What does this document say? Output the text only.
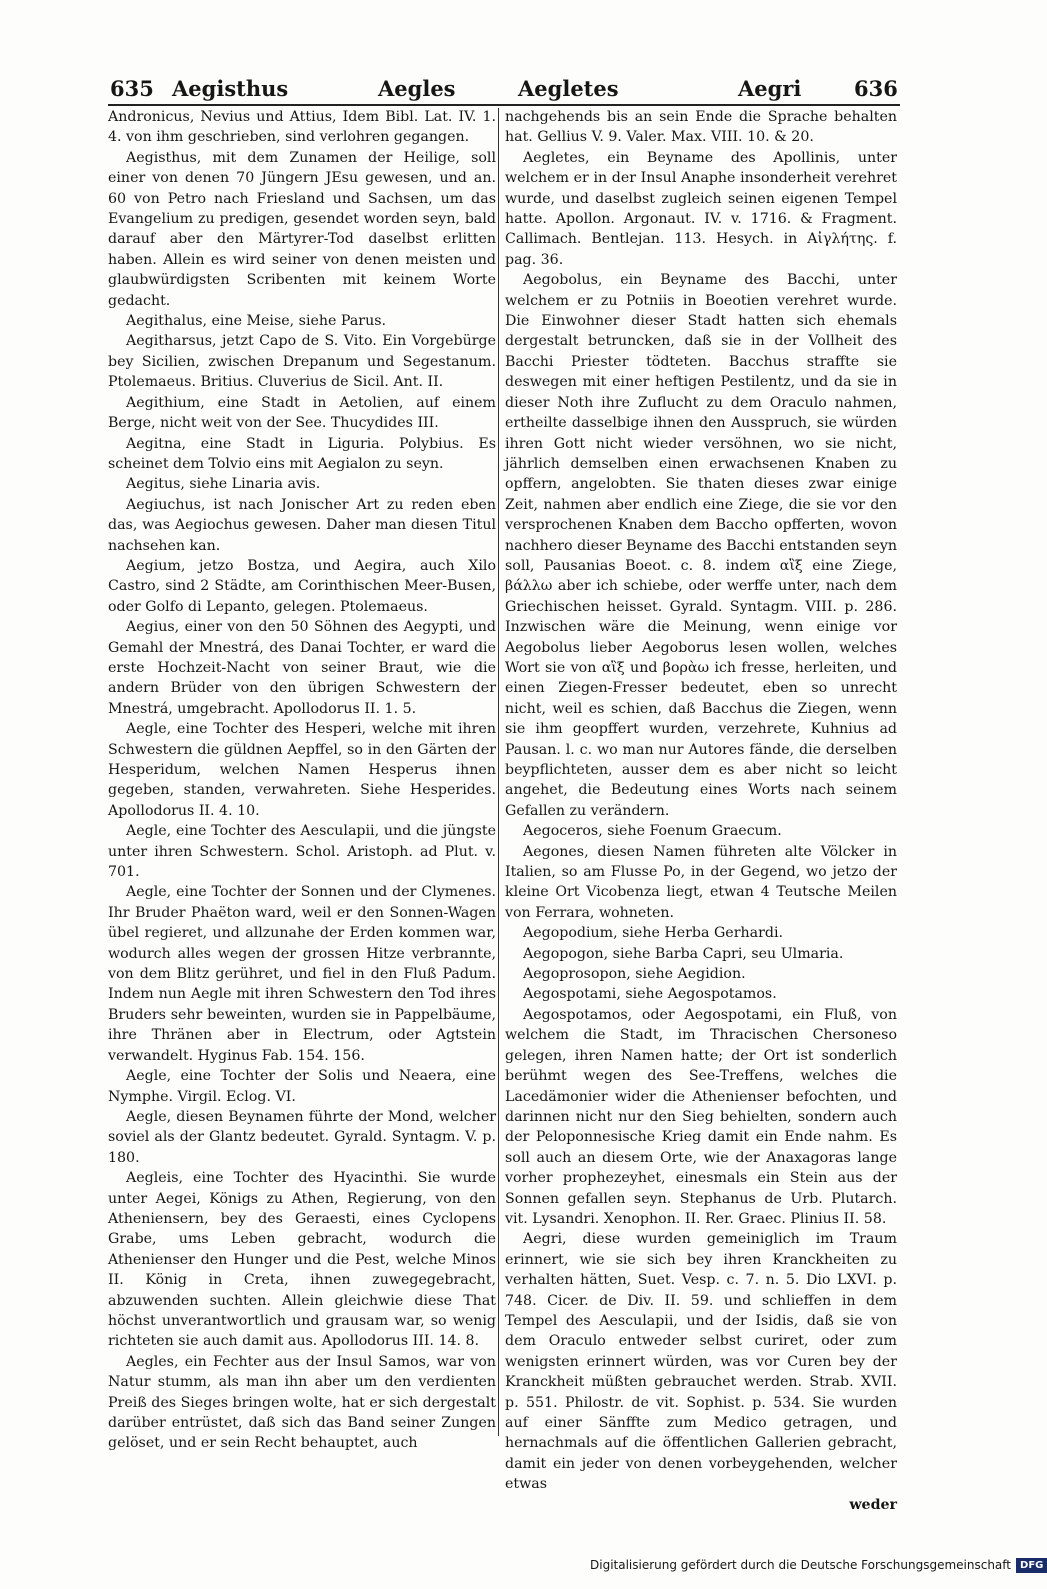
635 Aegisthus	Aegles	Aegletes	Aegri	636

Andronicus, Nevius und Attius, Idem Bibl. Lat. IV. 1. 4. von ihm geschrieben, sind verlohren gegangen.

Aegisthus, mit dem Zunamen der Heilige, soll einer von denen 70 Jüngern JEsu gewesen, und an. 60 von Petro nach Friesland und Sachsen, um das Evangelium zu predigen, gesendet worden seyn, bald darauf aber den Märtyrer-Tod daselbst erlitten haben. Allein es wird seiner von denen meisten und glaubwürdigsten Scribenten mit keinem Worte gedacht.

Aegithalus, eine Meise, siehe Parus.

Aegitharsus, jetzt Capo de S. Vito. Ein Vorgebürge bey Sicilien, zwischen Drepanum und Segestanum. Ptolemaeus. Britius. Cluverius de Sicil. Ant. II.

Aegithium, eine Stadt in Aetolien, auf einem Berge, nicht weit von der See. Thucydides III.

Aegitna, eine Stadt in Liguria. Polybius. Es scheinet dem Tolvio eins mit Aegialon zu seyn.

Aegitus, siehe Linaria avis.

Aegiuchus, ist nach Jonischer Art zu reden eben das, was Aegiochus gewesen. Daher man diesen Titul nachsehen kan.

Aegium, jetzo Bostza, und Aegira, auch Xilo Castro, sind 2 Städte, am Corinthischen Meer-Busen, oder Golfo di Lepanto, gelegen. Ptolemaeus.

Aegius, einer von den 50 Söhnen des Aegypti, und Gemahl der Mnestrá, des Danai Tochter, er ward die erste Hochzeit-Nacht von seiner Braut, wie die andern Brüder von den übrigen Schwestern der Mnestrá, umgebracht. Apollodorus II. 1. 5.

Aegle, eine Tochter des Hesperi, welche mit ihren Schwestern die güldnen Aepffel, so in den Gärten der Hesperidum, welchen Namen Hesperus ihnen gegeben, standen, verwahreten. Siehe Hesperides. Apollodorus II. 4. 10.

Aegle, eine Tochter des Aesculapii, und die jüngste unter ihren Schwestern. Schol. Aristoph. ad Plut. v. 701.

Aegle, eine Tochter der Sonnen und der Clymenes. Ihr Bruder Phaëton ward, weil er den Sonnen-Wagen übel regieret, und allzunahe der Erden kommen war, wodurch alles wegen der grossen Hitze verbrannte, von dem Blitz gerühret, und fiel in den Fluß Padum. Indem nun Aegle mit ihren Schwestern den Tod ihres Bruders sehr beweinten, wurden sie in Pappelbäume, ihre Thränen aber in Electrum, oder Agtstein verwandelt. Hyginus Fab. 154. 156.

Aegle, eine Tochter der Solis und Neaera, eine Nymphe. Virgil. Eclog. VI.

Aegle, diesen Beynamen führte der Mond, welcher soviel als der Glantz bedeutet. Gyrald. Syntagm. V. p. 180.

Aegleis, eine Tochter des Hyacinthi. Sie wurde unter Aegei, Königs zu Athen, Regierung, von den Atheniensern, bey des Geraesti, eines Cyclopens Grabe, ums Leben gebracht, wodurch die Athenienser den Hunger und die Pest, welche Minos II. König in Creta, ihnen zuwegegebracht, abzuwenden suchten. Allein gleichwie diese That höchst unverantwortlich und grausam war, so wenig richteten sie auch damit aus. Apollodorus III. 14. 8.

Aegles, ein Fechter aus der Insul Samos, war von Natur stumm, als man ihn aber um den verdienten Preiß des Sieges bringen wolte, hat er sich dergestalt darüber entrüstet, daß sich das Band seiner Zungen gelöset, und er sein Recht behauptet, auch

nachgehends bis an sein Ende die Sprache behalten hat. Gellius V. 9. Valer. Max. VIII. 10. & 20.

Aegletes, ein Beyname des Apollinis, unter welchem er in der Insul Anaphe insonderheit verehret wurde, und daselbst zugleich seinen eigenen Tempel hatte. Apollon. Argonaut. IV. v. 1716. & Fragment. Callimach. Bentlejan. 113. Hesych. in Αἰγλήτης. f. pag. 36.

Aegobolus, ein Beyname des Bacchi, unter welchem er zu Potniis in Boeotien verehret wurde. Die Einwohner dieser Stadt hatten sich ehemals dergestalt betruncken, daß sie in der Vollheit des Bacchi Priester tödteten. Bacchus straffte sie deswegen mit einer heftigen Pestilentz, und da sie in dieser Noth ihre Zuflucht zu dem Oraculo nahmen, ertheilte dasselbige ihnen den Ausspruch, sie würden ihren Gott nicht wieder versöhnen, wo sie nicht, jährlich demselben einen erwachsenen Knaben zu opffern, angelobten. Sie thaten dieses zwar einige Zeit, nahmen aber endlich eine Ziege, die sie vor den versprochenen Knaben dem Baccho opfferten, wovon nachhero dieser Beyname des Bacchi entstanden seyn soll, Pausanias Boeot. c. 8. indem αἲξ eine Ziege, βάλλω aber ich schiebe, oder werffe unter, nach dem Griechischen heisset. Gyrald. Syntagm. VIII. p. 286. Inzwischen wäre die Meinung, wenn einige vor Aegobolus lieber Aegoborus lesen wollen, welches Wort sie von αἲξ und βορὰω ich fresse, herleiten, und einen Ziegen-Fresser bedeutet, eben so unrecht nicht, weil es schien, daß Bacchus die Ziegen, wenn sie ihm geopffert wurden, verzehrete, Kuhnius ad Pausan. l. c. wo man nur Autores fände, die derselben beypflichteten, ausser dem es aber nicht so leicht angehet, die Bedeutung eines Worts nach seinem Gefallen zu verändern.

Aegoceros, siehe Foenum Graecum.

Aegones, diesen Namen führeten alte Völcker in Italien, so am Flusse Po, in der Gegend, wo jetzo der kleine Ort Vicobenza liegt, etwan 4 Teutsche Meilen von Ferrara, wohneten.

Aegopodium, siehe Herba Gerhardi.

Aegopogon, siehe Barba Capri, seu Ulmaria.

Aegoprosopon, siehe Aegidion.

Aegospotami, siehe Aegospotamos.

Aegospotamos, oder Aegospotami, ein Fluß, von welchem die Stadt, im Thracischen Chersoneso gelegen, ihren Namen hatte; der Ort ist sonderlich berühmt wegen des See-Treffens, welches die Lacedämonier wider die Athenienser befochten, und darinnen nicht nur den Sieg behielten, sondern auch der Peloponnesische Krieg damit ein Ende nahm. Es soll auch an diesem Orte, wie der Anaxagoras lange vorher prophezeyhet, einesmals ein Stein aus der Sonnen gefallen seyn. Stephanus de Urb. Plutarch. vit. Lysandri. Xenophon. II. Rer. Graec. Plinius II. 58.

Aegri, diese wurden gemeiniglich im Traum erinnert, wie sie sich bey ihren Kranckheiten zu verhalten hätten, Suet. Vesp. c. 7. n. 5. Dio LXVI. p. 748. Cicer. de Div. II. 59. und schlieffen in dem Tempel des Aesculapii, und der Isidis, daß sie von dem Oraculo entweder selbst curiret, oder zum wenigsten erinnert würden, was vor Curen bey der Kranckheit müßten gebrauchet werden. Strab. XVII. p. 551. Philostr. de vit. Sophist. p. 534. Sie wurden auf einer Sänffte zum Medico getragen, und hernachmals auf die öffentlichen Gallerien gebracht, damit ein jeder von denen vorbeygehenden, welcher etwas

weder

Digitalisierung gefördert durch die Deutsche Forschungsgemeinschaft DFG
